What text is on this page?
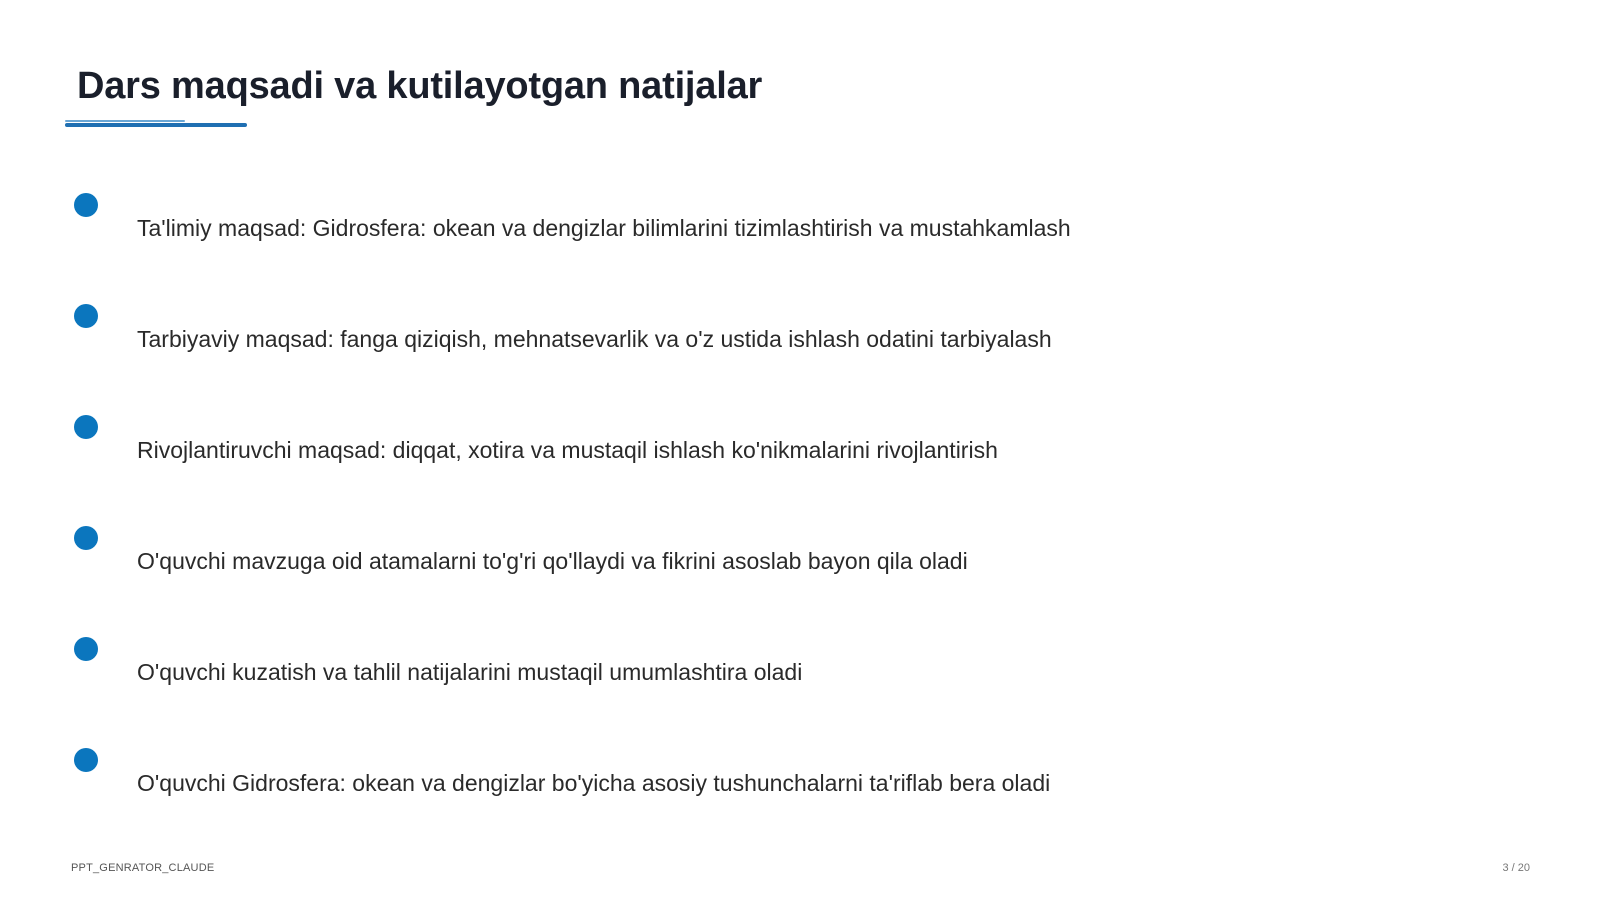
Dars maqsadi va kutilayotgan natijalar
Ta'limiy maqsad: Gidrosfera: okean va dengizlar bilimlarini tizimlashtirish va mustahkamlash
Tarbiyaviy maqsad: fanga qiziqish, mehnatsevarlik va o'z ustida ishlash odatini tarbiyalash
Rivojlantiruvchi maqsad: diqqat, xotira va mustaqil ishlash ko'nikmalarini rivojlantirish
O'quvchi mavzuga oid atamalarni to'g'ri qo'llaydi va fikrini asoslab bayon qila oladi
O'quvchi kuzatish va tahlil natijalarini mustaqil umumlashtira oladi
O'quvchi Gidrosfera: okean va dengizlar bo'yicha asosiy tushunchalarni ta'riflab bera oladi
PPT_GENRATOR_CLAUDE	3 / 20
